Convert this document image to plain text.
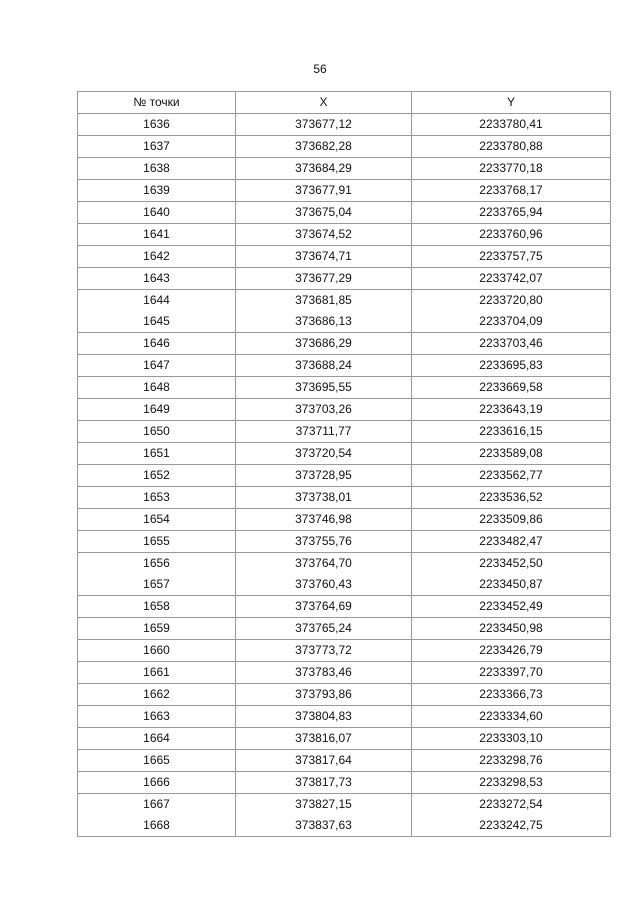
56
№ точки	X	Y
1636	373677,12	2233780,41
1637	373682,28	2233780,88
1638	373684,29	2233770,18
1639	373677,91	2233768,17
1640	373675,04	2233765,94
1641	373674,52	2233760,96
1642	373674,71	2233757,75
1643	373677,29	2233742,07
1644	373681,85	2233720,80
1645	373686,13	2233704,09
1646	373686,29	2233703,46
1647	373688,24	2233695,83
1648	373695,55	2233669,58
1649	373703,26	2233643,19
1650	373711,77	2233616,15
1651	373720,54	2233589,08
1652	373728,95	2233562,77
1653	373738,01	2233536,52
1654	373746,98	2233509,86
1655	373755,76	2233482,47
1656	373764,70	2233452,50
1657	373760,43	2233450,87
1658	373764,69	2233452,49
1659	373765,24	2233450,98
1660	373773,72	2233426,79
1661	373783,46	2233397,70
1662	373793,86	2233366,73
1663	373804,83	2233334,60
1664	373816,07	2233303,10
1665	373817,64	2233298,76
1666	373817,73	2233298,53
1667	373827,15	2233272,54
1668	373837,63	2233242,75
